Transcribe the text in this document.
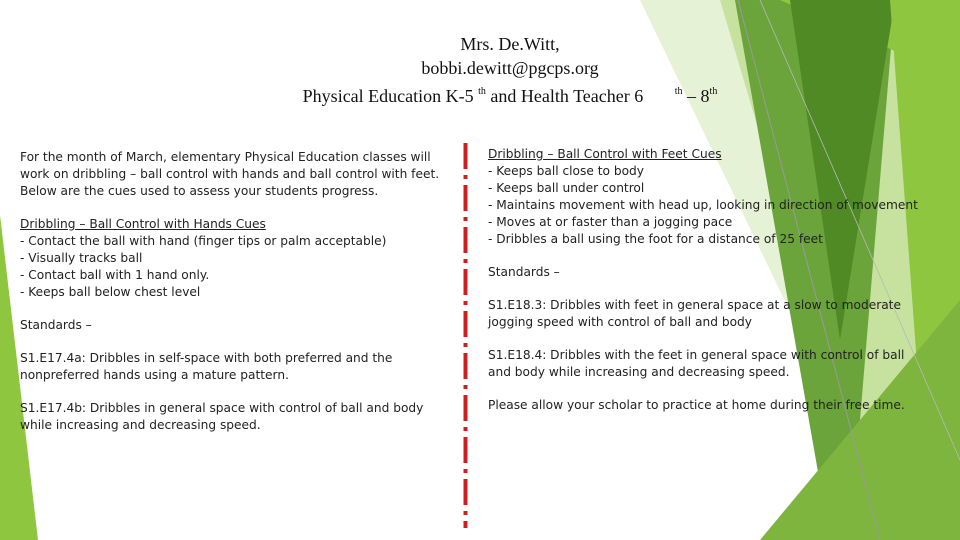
Mrs. De.Witt,
bobbi.dewitt@pgcps.org
Physical Education K-5 $^{th}$ and Health Teacher 6	$^{th}$ – 8th

For the month of March, elementary Physical Education classes will work on dribbling – ball control with hands and ball control with feet. Below are the cues used to assess your students progress.

Dribbling – Ball Control with Hands Cues

- Contact the ball with hand (finger tips or palm acceptable)

- Visually tracks ball

- Contact ball with 1 hand only.

- Keeps ball below chest level

Standards –

S1.E17.4a: Dribbles in self-space with both preferred and the nonpreferred hands using a mature pattern.

S1.E17.4b: Dribbles in general space with control of ball and body while increasing and decreasing speed.

Dribbling – Ball Control with Feet Cues

- Keeps ball close to body

- Keeps ball under control

- Maintains movement with head up, looking in direction of movement

- Moves at or faster than a jogging pace

- Dribbles a ball using the foot for a distance of 25 feet

Standards –

S1.E18.3: Dribbles with feet in general space at a slow to moderate jogging speed with control of ball and body

S1.E18.4: Dribbles with the feet in general space with control of ball and body while increasing and decreasing speed.

Please allow your scholar to practice at home during their free time.
